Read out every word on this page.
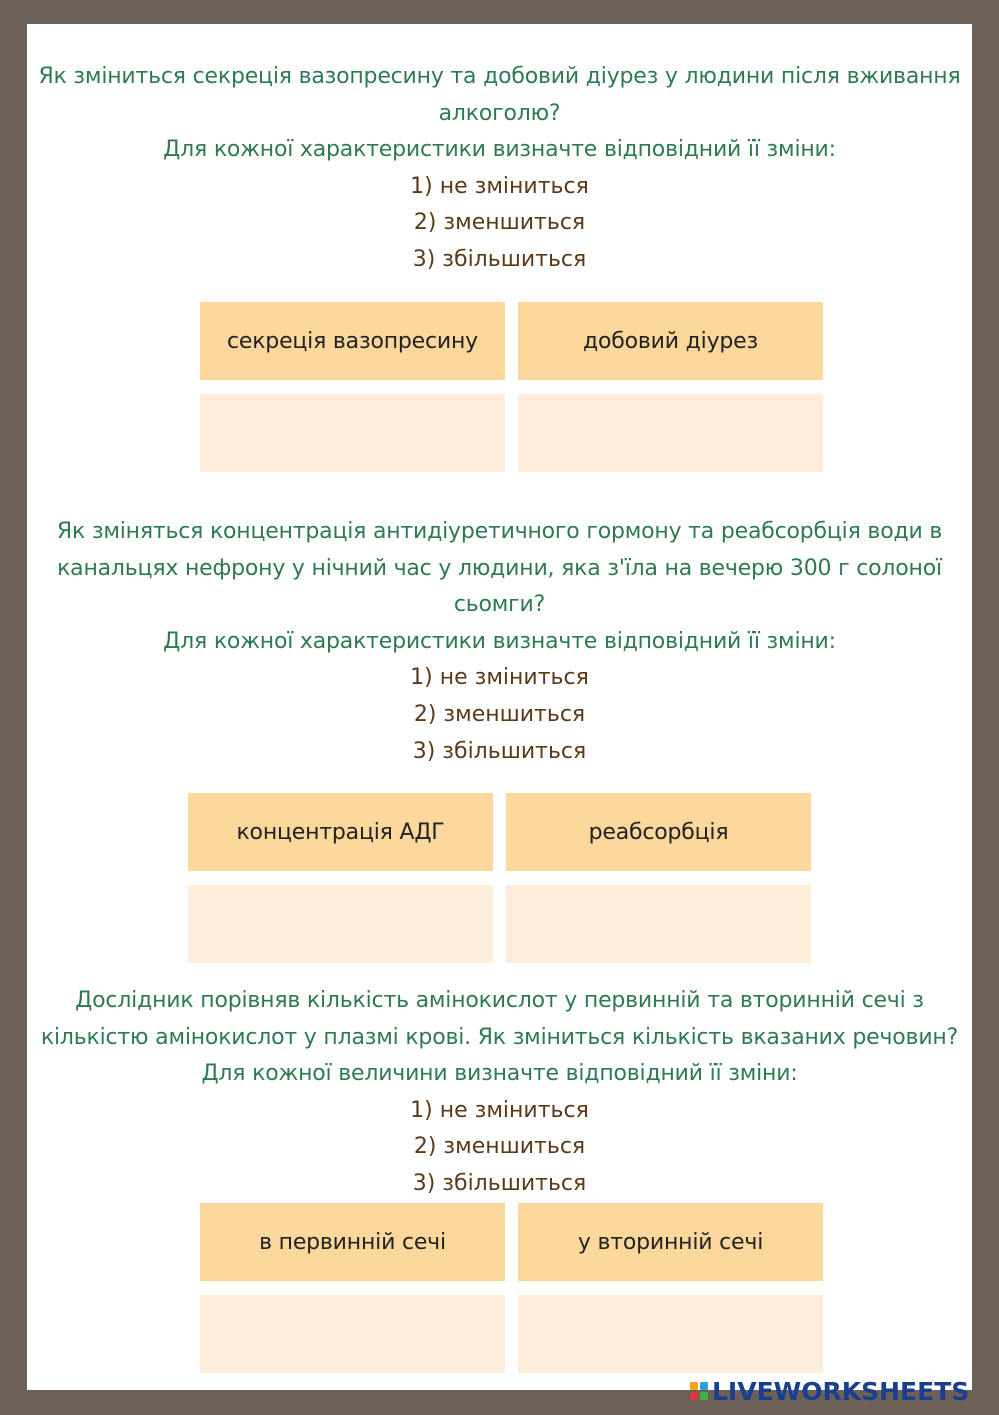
Як зміниться секреція вазопресину та добовий діурез у людини після вживання

алкоголю?

Для кожної характеристики визначте відповідний її зміни:

1) не зміниться

2) зменшиться

3) збільшиться

секреція вазопресину	добовий діурез

Як зміняться концентрація антидіуретичного гормону та реабсорбція води в

канальцях нефрону у нічний час у людини, яка з'їла на вечерю 300 г солоної

сьомги?

Для кожної характеристики визначте відповідний її зміни:

1) не зміниться

2) зменшиться

3) збільшиться

концентрація АДГ	реабсорбція

Дослідник порівняв кількість амінокислот у первинній та вторинній сечі з

кількістю амінокислот у плазмі крові. Як зміниться кількість вказаних речовин?

Для кожної величини визначте відповідний її зміни:

1) не зміниться

2) зменшиться

3) збільшиться

в первинній сечі	у вторинній сечі
LIVEWORKSHEETS
